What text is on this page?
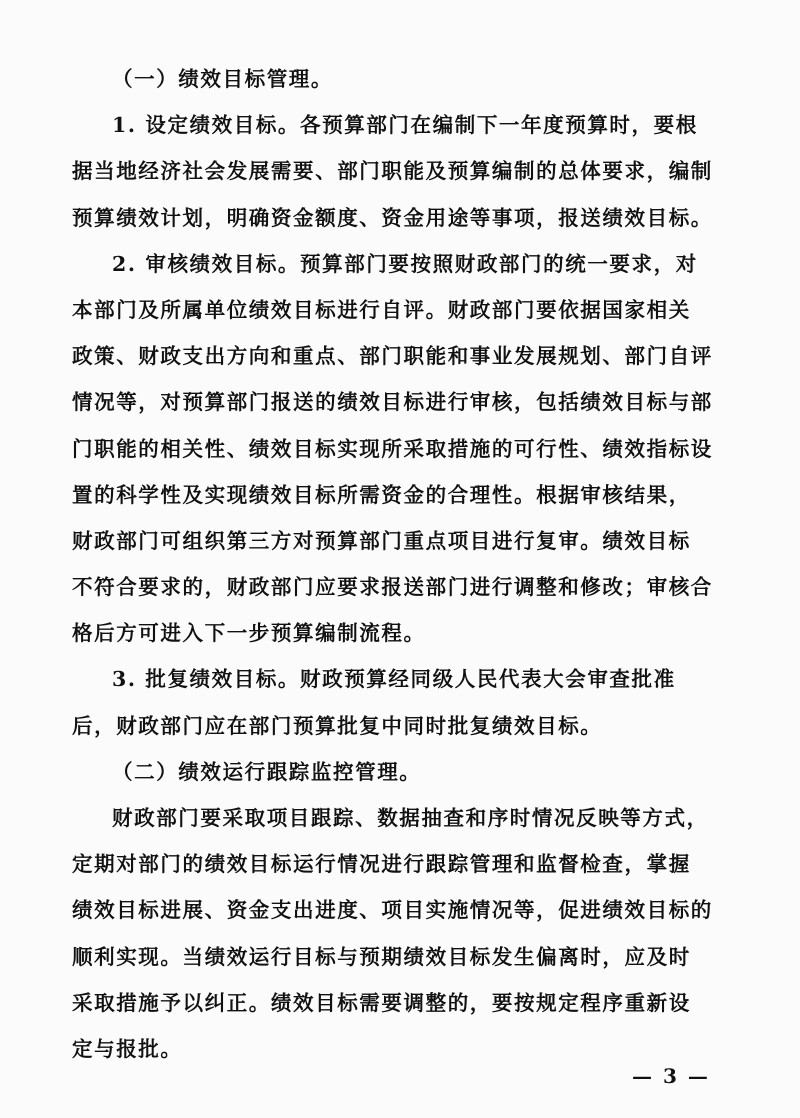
（一）绩效目标管理。
1. 设定绩效目标。各预算部门在编制下一年度预算时，要根
据当地经济社会发展需要、部门职能及预算编制的总体要求，编制
预算绩效计划，明确资金额度、资金用途等事项，报送绩效目标。
2. 审核绩效目标。预算部门要按照财政部门的统一要求，对
本部门及所属单位绩效目标进行自评。财政部门要依据国家相关
政策、财政支出方向和重点、部门职能和事业发展规划、部门自评
情况等，对预算部门报送的绩效目标进行审核，包括绩效目标与部
门职能的相关性、绩效目标实现所采取措施的可行性、绩效指标设
置的科学性及实现绩效目标所需资金的合理性。根据审核结果，
财政部门可组织第三方对预算部门重点项目进行复审。绩效目标
不符合要求的，财政部门应要求报送部门进行调整和修改；审核合
格后方可进入下一步预算编制流程。
3. 批复绩效目标。财政预算经同级人民代表大会审查批准
后，财政部门应在部门预算批复中同时批复绩效目标。
（二）绩效运行跟踪监控管理。
财政部门要采取项目跟踪、数据抽查和序时情况反映等方式，
定期对部门的绩效目标运行情况进行跟踪管理和监督检查，掌握
绩效目标进展、资金支出进度、项目实施情况等，促进绩效目标的
顺利实现。当绩效运行目标与预期绩效目标发生偏离时，应及时
采取措施予以纠正。绩效目标需要调整的，要按规定程序重新设
定与报批。
— 3 —
